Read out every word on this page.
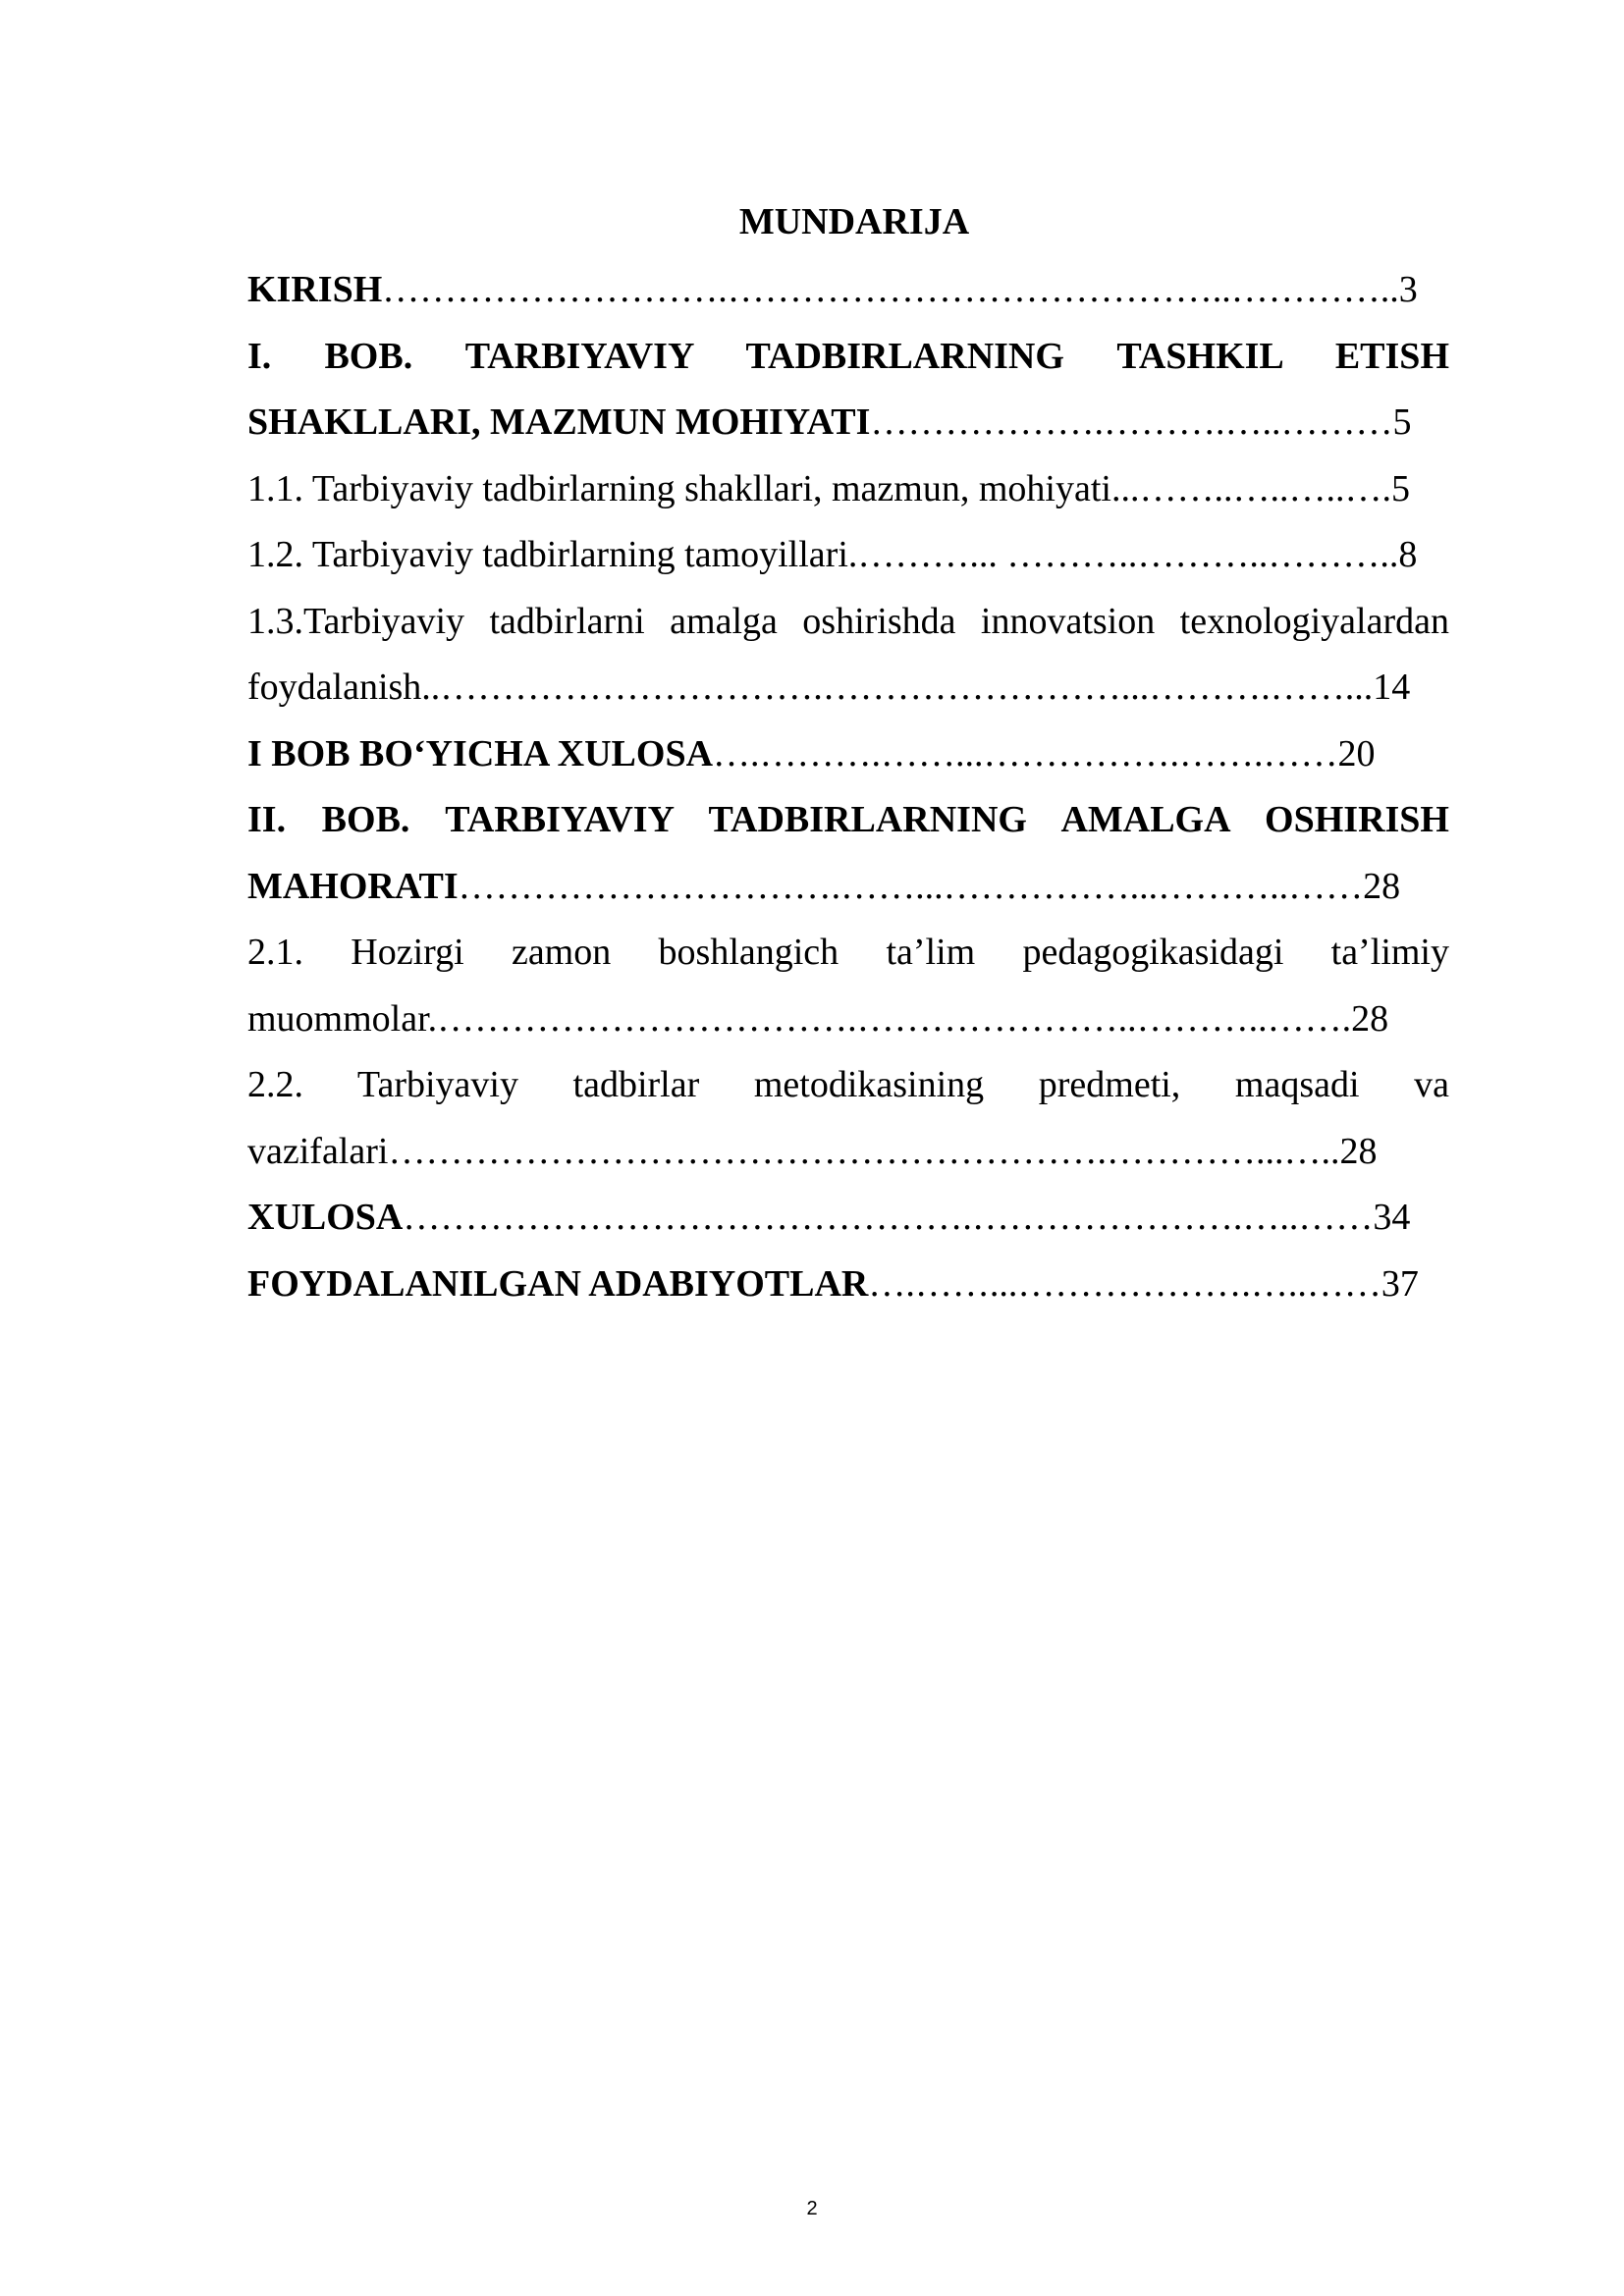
MUNDARIJA
KIRISH……………………….…………………………………..…………..3
I. BOB. TARBIYAVIY TADBIRLARNING TASHKIL ETISH
SHAKLLARI, MAZMUN MOHIYATI……………….……….…..………5
1.1. Tarbiyaviy tadbirlarning shakllari, mazmun, mohiyati...……..…..…..….5
1.2. Tarbiyaviy tadbirlarning tamoyillari.………... ………..………..………..8
1.3.Tarbiyaviy tadbirlarni amalga oshirishda innovatsion texnologiyalardan
foydalanish..………………………….……………………...……….……...14
I BOB BO‘YICHA XULOSA….……….……...…………….…….……20
II. BOB. TARBIYAVIY TADBIRLARNING AMALGA OSHIRISH
MAHORATI………………………….……...……………...………..……28
2.1. Hozirgi zamon boshlangich ta’lim pedagogikasidagi ta’limiy
muommolar.…………………………….…………………..………..…….28
2.2. Tarbiyaviy tadbirlar metodikasining predmeti, maqsadi va
vazifalari………………………………………………….…………...…..28
XULOSA……………………………………….………………….…..……34
FOYDALANILGAN ADABIYOTLAR….……...……………….…..……37
2
